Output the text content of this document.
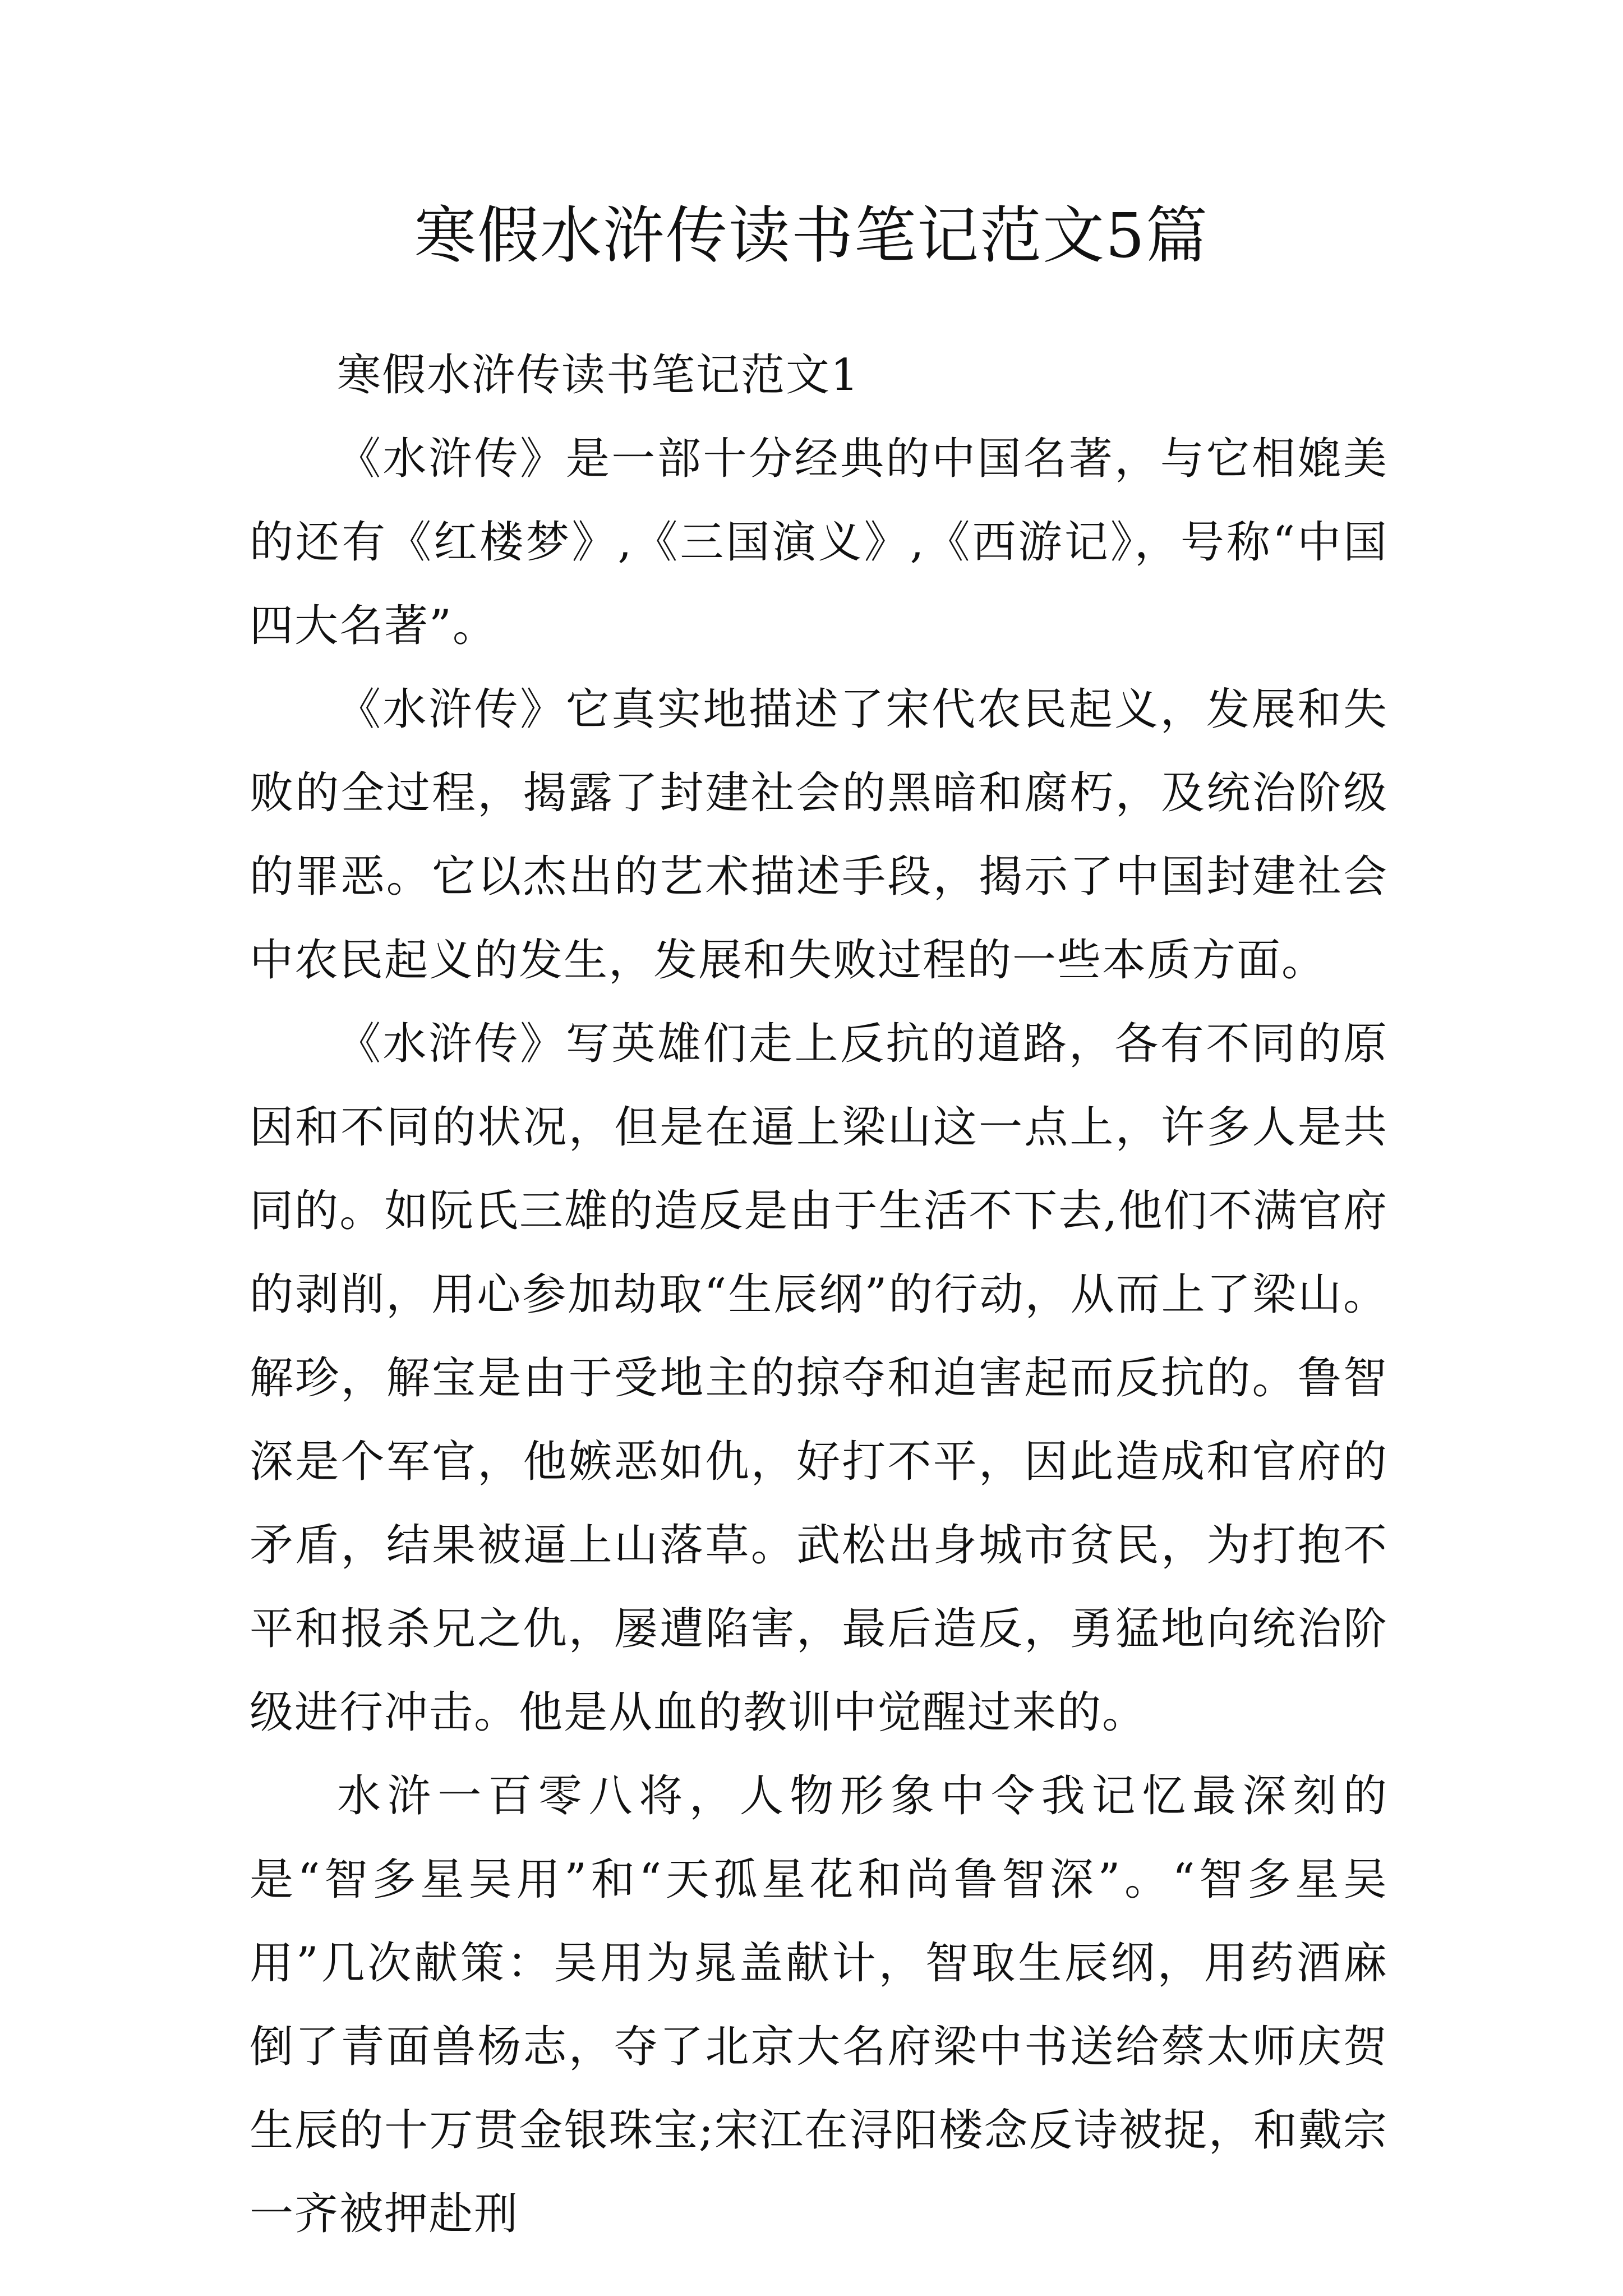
寒假水浒传读书笔记范文5篇

寒假水浒传读书笔记范文1

《水浒传》是一部十分经典的中国名著，与它相媲美的还有《红楼梦》,《三国演义》,《西游记》，号称“中国四大名著”。

《水浒传》它真实地描述了宋代农民起义，发展和失败的全过程，揭露了封建社会的黑暗和腐朽，及统治阶级的罪恶。它以杰出的艺术描述手段，揭示了中国封建社会中农民起义的发生，发展和失败过程的一些本质方面。

《水浒传》写英雄们走上反抗的道路，各有不同的原因和不同的状况，但是在逼上梁山这一点上，许多人是共同的。如阮氏三雄的造反是由于生活不下去,他们不满官府的剥削，用心参加劫取“生辰纲”的行动，从而上了梁山。解珍，解宝是由于受地主的掠夺和迫害起而反抗的。鲁智深是个军官，他嫉恶如仇，好打不平，因此造成和官府的矛盾，结果被逼上山落草。武松出身城市贫民，为打抱不平和报杀兄之仇，屡遭陷害，最后造反，勇猛地向统治阶级进行冲击。他是从血的教训中觉醒过来的。

水浒一百零八将，人物形象中令我记忆最深刻的是“智多星吴用”和“天孤星花和尚鲁智深”。“智多星吴用”几次献策：吴用为晁盖献计，智取生辰纲，用药酒麻倒了青面兽杨志，夺了北京大名府梁中书送给蔡太师庆贺生辰的十万贯金银珠宝;宋江在浔阳楼念反诗被捉，和戴宗一齐被押赴刑
